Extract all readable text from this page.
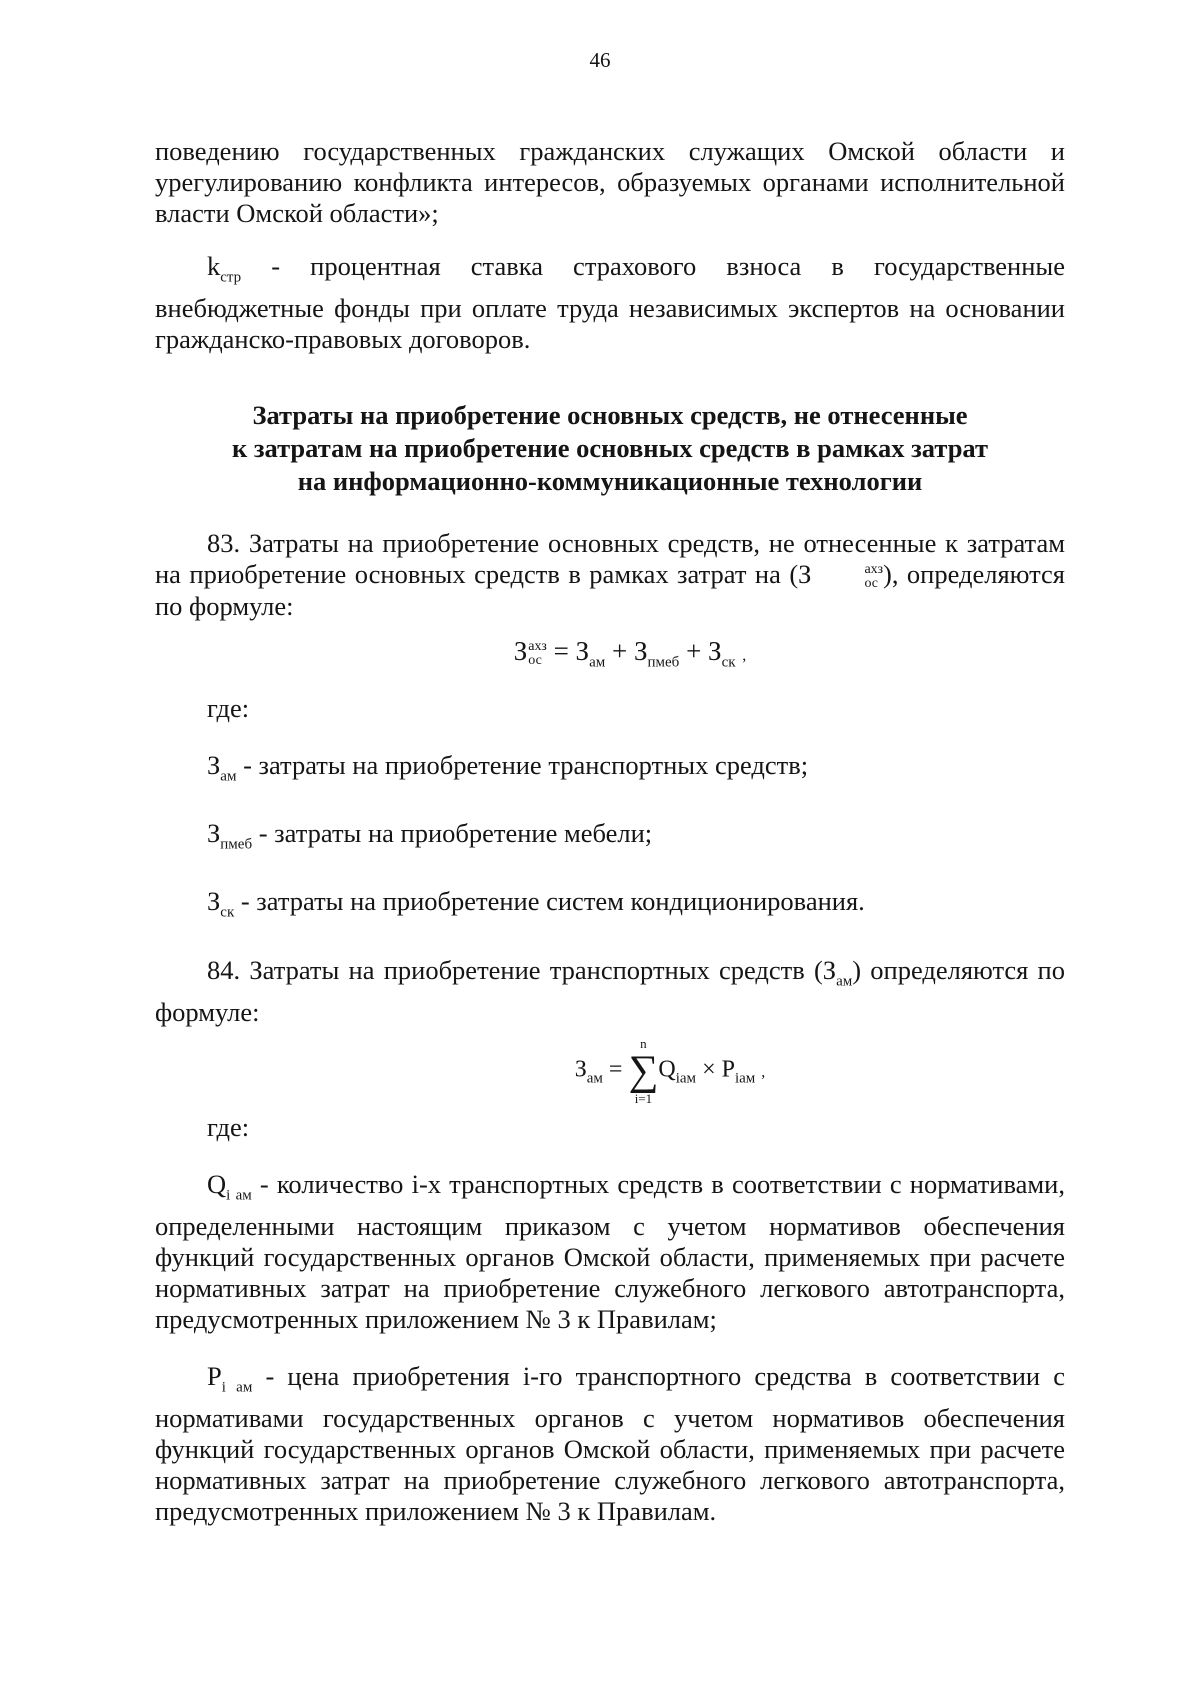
46

поведению государственных гражданских служащих Омской области и урегулированию конфликта интересов, образуемых органами исполнительной власти Омской области»;

$k_{стр}$ - процентная ставка страхового взноса в государственные внебюджетные фонды при оплате труда независимых экспертов на основании гражданско-правовых договоров.

Затраты на приобретение основных средств, не отнесенные
к затратам на приобретение основных средств в рамках затрат
на информационно-коммуникационные технологии

83. Затраты на приобретение основных средств, не отнесенные к затратам на приобретение основных средств в рамках затрат на (З	ахз
ос ), определяются по формуле:

З ахз
ос = $З_{ам} + З_{пмеб} + З_{ск}$ ,

где:

$З_{ам}$ - затраты на приобретение транспортных средств;

$З_{пмеб}$ - затраты на приобретение мебели;

$З_{ск}$ - затраты на приобретение систем кондиционирования.

84. Затраты на приобретение транспортных средств $(З_{ам})$ определяются по формуле:

$З_{ам}$ =
n
∑
i=1
$Q_{iам} \times P_{iам}$ ,

где:

$Q_{i ам}$ - количество i-х транспортных средств в соответствии с нормативами, определенными настоящим приказом с учетом нормативов обеспечения функций государственных органов Омской области, применяемых при расчете нормативных затрат на приобретение служебного легкового автотранспорта, предусмотренных приложением № 3 к Правилам;

$P_{i ам}$ - цена приобретения i-го транспортного средства в соответствии с нормативами государственных органов с учетом нормативов обеспечения функций государственных органов Омской области, применяемых при расчете нормативных затрат на приобретение служебного легкового автотранспорта, предусмотренных приложением № 3 к Правилам.
